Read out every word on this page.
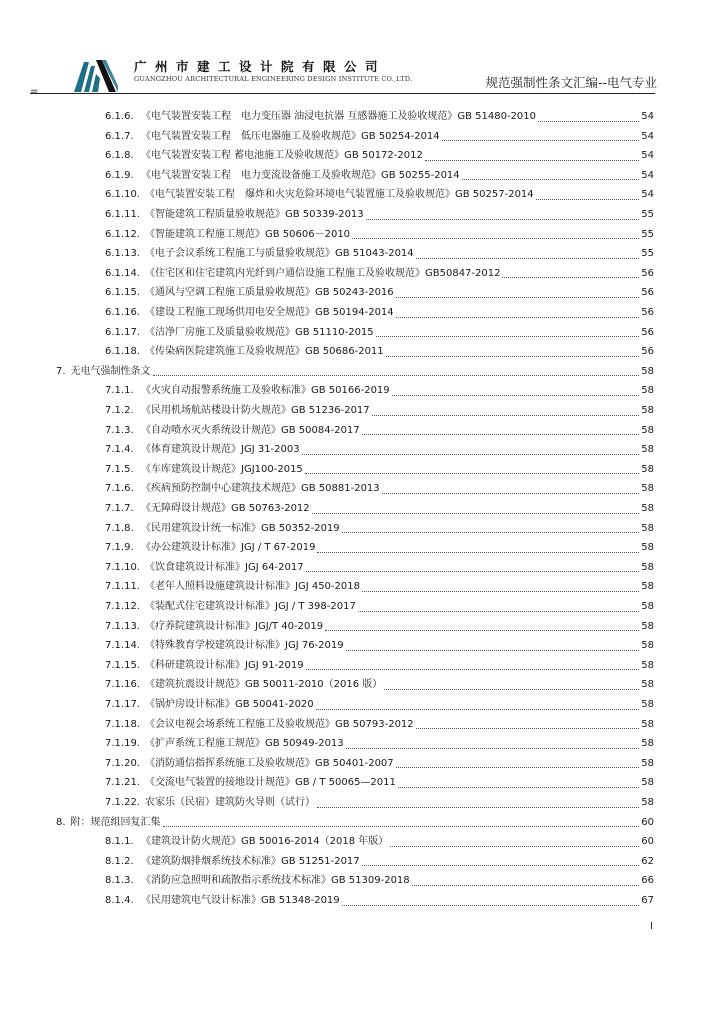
广州市建工设计院有限公司
GUANGZHOU ARCHITECTURAL ENGINEERING DESIGN INSTITUTE CO.,LTD.	规范强制性条文汇编--电气专业
=
6.1.6. 《电气装置安装工程　电力变压器 油浸电抗器 互感器施工及验收规范》GB 51480-2010	54
6.1.7. 《电气装置安装工程　低压电器施工及验收规范》GB 50254-2014	54
6.1.8. 《电气装置安装工程 蓄电池施工及验收规范》GB 50172-2012	54
6.1.9. 《电气装置安装工程　电力变流设备施工及验收规范》GB 50255-2014	54
6.1.10. 《电气装置安装工程　爆炸和火灾危险环境电气装置施工及验收规范》GB 50257-2014	54
6.1.11. 《智能建筑工程质量验收规范》GB 50339-2013	55
6.1.12. 《智能建筑工程施工规范》GB 50606－2010	55
6.1.13. 《电子会议系统工程施工与质量验收规范》GB 51043-2014	55
6.1.14. 《住宅区和住宅建筑内光纤到户通信设施工程施工及验收规范》GB50847-2012	56
6.1.15. 《通风与空调工程施工质量验收规范》GB 50243-2016	56
6.1.16. 《建设工程施工现场供用电安全规范》GB 50194-2014	56
6.1.17. 《洁净厂房施工及质量验收规范》GB 51110-2015	56
6.1.18. 《传染病医院建筑施工及验收规范》GB 50686-2011	56
7. 无电气强制性条文	58
7.1.1. 《火灾自动报警系统施工及验收标准》GB 50166-2019	58
7.1.2. 《民用机场航站楼设计防火规范》GB 51236-2017	58
7.1.3. 《自动喷水灭火系统设计规范》GB 50084-2017	58
7.1.4. 《体育建筑设计规范》JGJ 31-2003	58
7.1.5. 《车库建筑设计规范》JGJ100-2015	58
7.1.6. 《疾病预防控制中心建筑技术规范》GB 50881-2013	58
7.1.7. 《无障碍设计规范》GB 50763-2012	58
7.1.8. 《民用建筑设计统一标准》GB 50352-2019	58
7.1.9. 《办公建筑设计标准》JGJ / T 67-2019	58
7.1.10. 《饮食建筑设计标准》JGJ 64-2017	58
7.1.11. 《老年人照料设施建筑设计标准》JGJ 450-2018	58
7.1.12. 《装配式住宅建筑设计标准》JGJ / T 398-2017	58
7.1.13. 《疗养院建筑设计标准》JGJ/T 40-2019	58
7.1.14. 《特殊教育学校建筑设计标准》JGJ 76-2019	58
7.1.15. 《科研建筑设计标准》JGJ 91-2019	58
7.1.16. 《建筑抗震设计规范》GB 50011-2010（2016 版）	58
7.1.17. 《锅炉房设计标准》GB 50041-2020	58
7.1.18. 《会议电视会场系统工程施工及验收规范》GB 50793-2012	58
7.1.19. 《扩声系统工程施工规范》GB 50949-2013	58
7.1.20. 《消防通信指挥系统施工及验收规范》GB 50401-2007	58
7.1.21. 《交流电气装置的接地设计规范》GB / T 50065—2011	58
7.1.22. 农家乐（民宿）建筑防火导则（试行）	58
8. 附：规范组回复汇集	60
8.1.1. 《建筑设计防火规范》GB 50016-2014（2018 年版）	60
8.1.2. 《建筑防烟排烟系统技术标准》GB 51251-2017	62
8.1.3. 《消防应急照明和疏散指示系统技术标准》GB 51309-2018	66
8.1.4. 《民用建筑电气设计标准》GB 51348-2019	67
I
